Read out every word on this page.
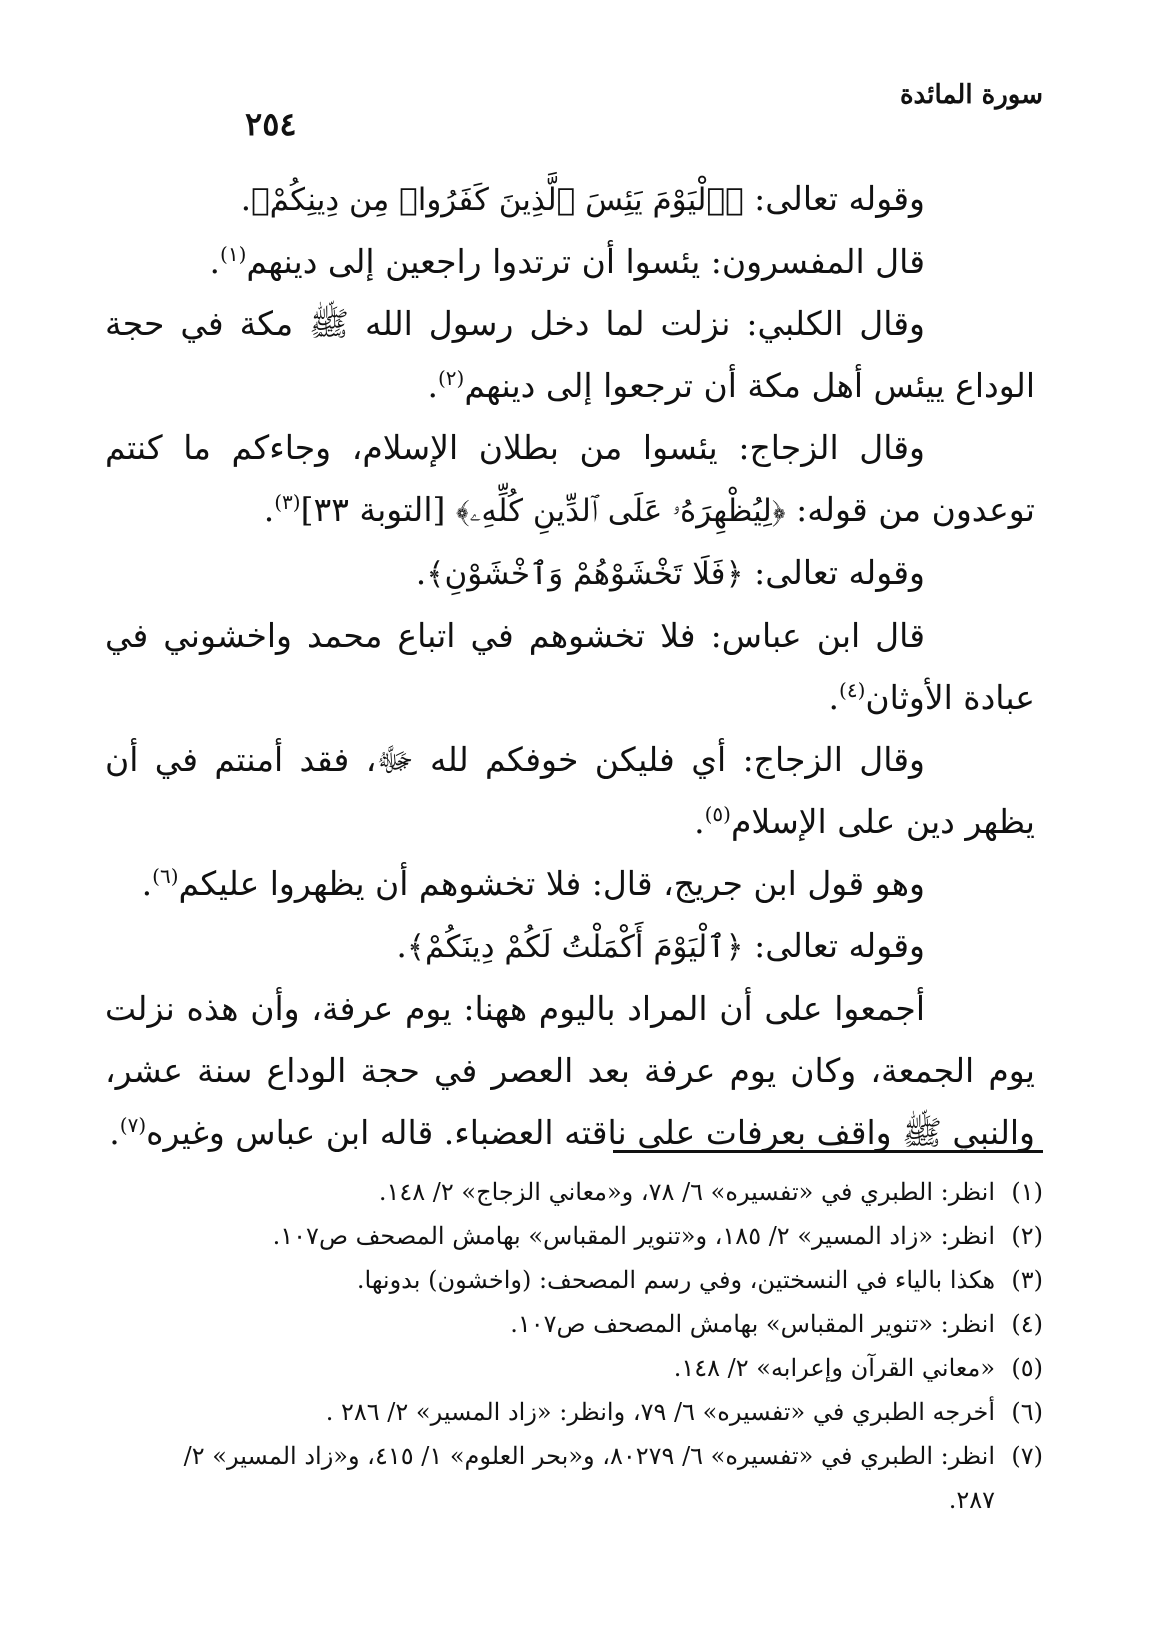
سورة المائدة
٢٥٤

وقوله تعالى: ﴿ٱلْيَوْمَ يَئِسَ ٱلَّذِينَ كَفَرُوا۟ مِن دِينِكُمْ﴾.

قال المفسرون: يئسوا أن ترتدوا راجعين إلى دينهم$^{(١)}$.

وقال الكلبي: نزلت لما دخل رسول الله ﷺ مكة في حجة الوداع ييئس أهل مكة أن ترجعوا إلى دينهم$^{(٢)}$.

وقال الزجاج: يئسوا من بطلان الإسلام، وجاءكم ما كنتم توعدون من قوله: ﴿لِيُظْهِرَهُۥ عَلَى ٱلدِّينِ كُلِّهِۦ﴾ [التوبة ٣٣]$^{(٣)}$.

وقوله تعالى: ﴿فَلَا تَخْشَوْهُمْ وَٱخْشَوْنِ﴾.

قال ابن عباس: فلا تخشوهم في اتباع محمد واخشوني في عبادة الأوثان$^{(٤)}$.

وقال الزجاج: أي فليكن خوفكم لله ﷻ، فقد أمنتم في أن يظهر دين على الإسلام$^{(٥)}$.

وهو قول ابن جريج، قال: فلا تخشوهم أن يظهروا عليكم$^{(٦)}$.

وقوله تعالى: ﴿ٱلْيَوْمَ أَكْمَلْتُ لَكُمْ دِينَكُمْ﴾.

أجمعوا على أن المراد باليوم ههنا: يوم عرفة، وأن هذه نزلت يوم الجمعة، وكان يوم عرفة بعد العصر في حجة الوداع سنة عشر، والنبي ﷺ واقف بعرفات على ناقته العضباء. قاله ابن عباس وغيره$^{(٧)}$.

(١)
انظر: الطبري في «تفسيره» ٦/ ٧٨، و«معاني الزجاج» ٢/ ١٤٨.
(٢)
انظر: «زاد المسير» ٢/ ١٨٥، و«تنوير المقباس» بهامش المصحف ص١٠٧.
(٣)
هكذا بالياء في النسختين، وفي رسم المصحف: (واخشون) بدونها.
(٤)
انظر: «تنوير المقباس» بهامش المصحف ص١٠٧.
(٥)
«معاني القرآن وإعرابه» ٢/ ١٤٨.
(٦)
أخرجه الطبري في «تفسيره» ٦/ ٧٩، وانظر: «زاد المسير» ٢/ ٢٨٦ .
(٧)
انظر: الطبري في «تفسيره» ٦/ ٨٠٢٧٩، و«بحر العلوم» ١/ ٤١٥، و«زاد المسير» ٢/ ٢٨٧.
